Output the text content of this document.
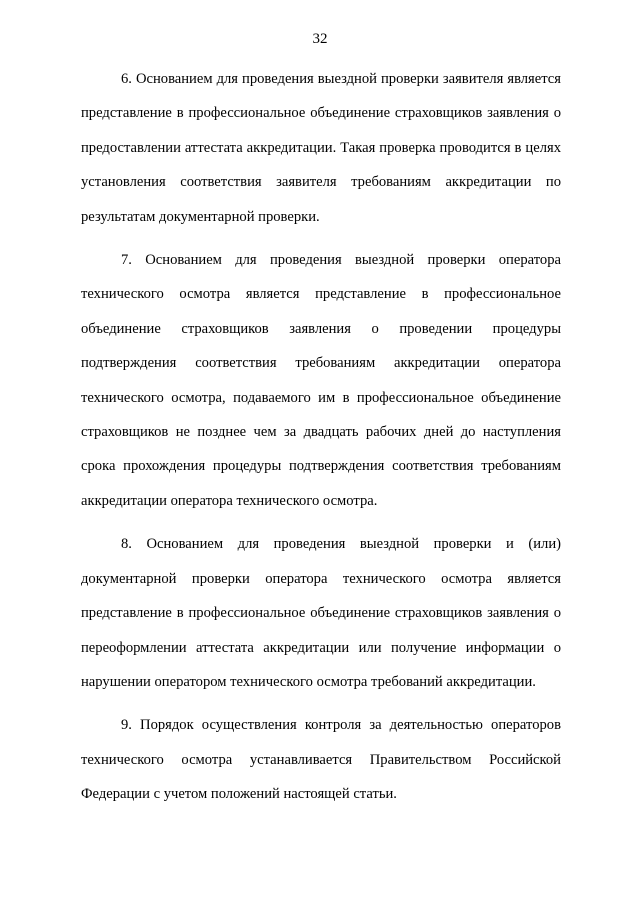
32

6. Основанием для проведения выездной проверки заявителя является представление в профессиональное объединение страховщиков заявления о предоставлении аттестата аккредитации. Такая проверка проводится в целях установления соответствия заявителя требованиям аккредитации по результатам документарной проверки.

7. Основанием для проведения выездной проверки оператора технического осмотра является представление в профессиональное объединение страховщиков заявления о проведении процедуры подтверждения соответствия требованиям аккредитации оператора технического осмотра, подаваемого им в профессиональное объединение страховщиков не позднее чем за двадцать рабочих дней до наступления срока прохождения процедуры подтверждения соответствия требованиям аккредитации оператора технического осмотра.

8. Основанием для проведения выездной проверки и (или) документарной проверки оператора технического осмотра является представление в профессиональное объединение страховщиков заявления о переоформлении аттестата аккредитации или получение информации о нарушении оператором технического осмотра требований аккредитации.

9. Порядок осуществления контроля за деятельностью операторов технического осмотра устанавливается Правительством Российской Федерации с учетом положений настоящей статьи.
